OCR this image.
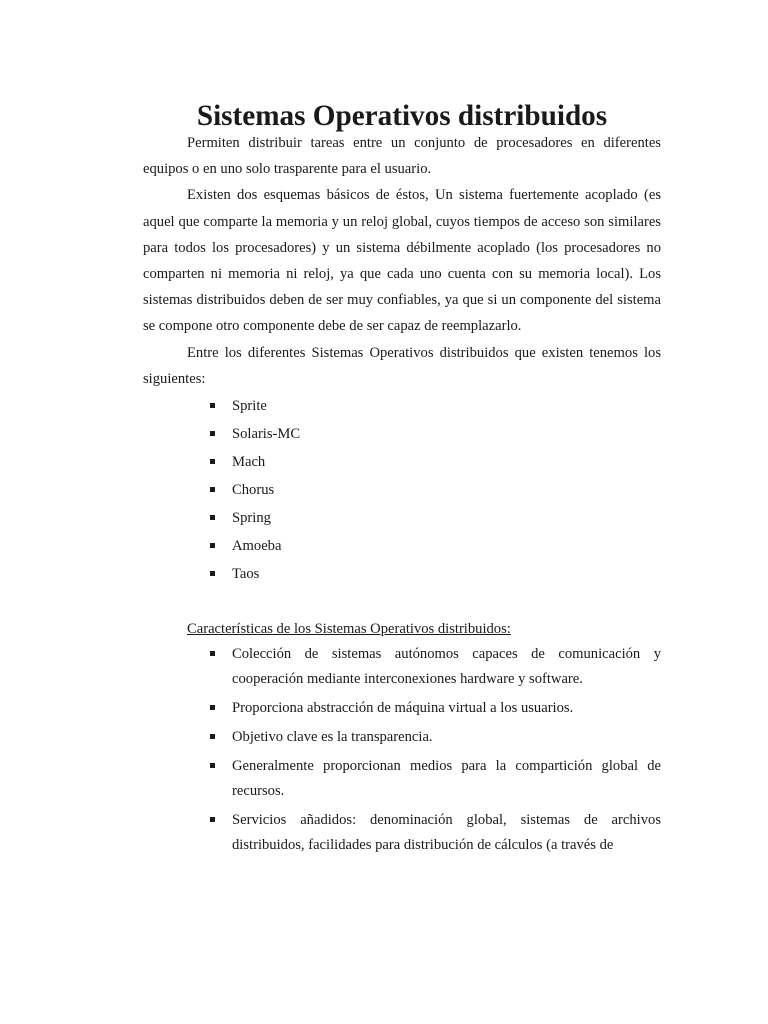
Sistemas Operativos distribuidos

Permiten distribuir tareas entre un conjunto de procesadores en diferentes equipos o en uno solo trasparente para el usuario.

Existen dos esquemas básicos de éstos, Un sistema fuertemente acoplado (es aquel que comparte la memoria y un reloj global, cuyos tiempos de acceso son similares para todos los procesadores) y un sistema débilmente acoplado (los procesadores no comparten ni memoria ni reloj, ya que cada uno cuenta con su memoria local). Los sistemas distribuidos deben de ser muy confiables, ya que si un componente del sistema se compone otro componente debe de ser capaz de reemplazarlo.

Entre los diferentes Sistemas Operativos distribuidos que existen tenemos los siguientes:

Sprite
Solaris-MC
Mach
Chorus
Spring
Amoeba
Taos

Características de los Sistemas Operativos distribuidos:

Colección de sistemas autónomos capaces de comunicación y cooperación mediante interconexiones hardware y software.
Proporciona abstracción de máquina virtual a los usuarios.
Objetivo clave es la transparencia.
Generalmente proporcionan medios para la compartición global de recursos.
Servicios añadidos: denominación global, sistemas de archivos distribuidos, facilidades para distribución de cálculos (a través de
